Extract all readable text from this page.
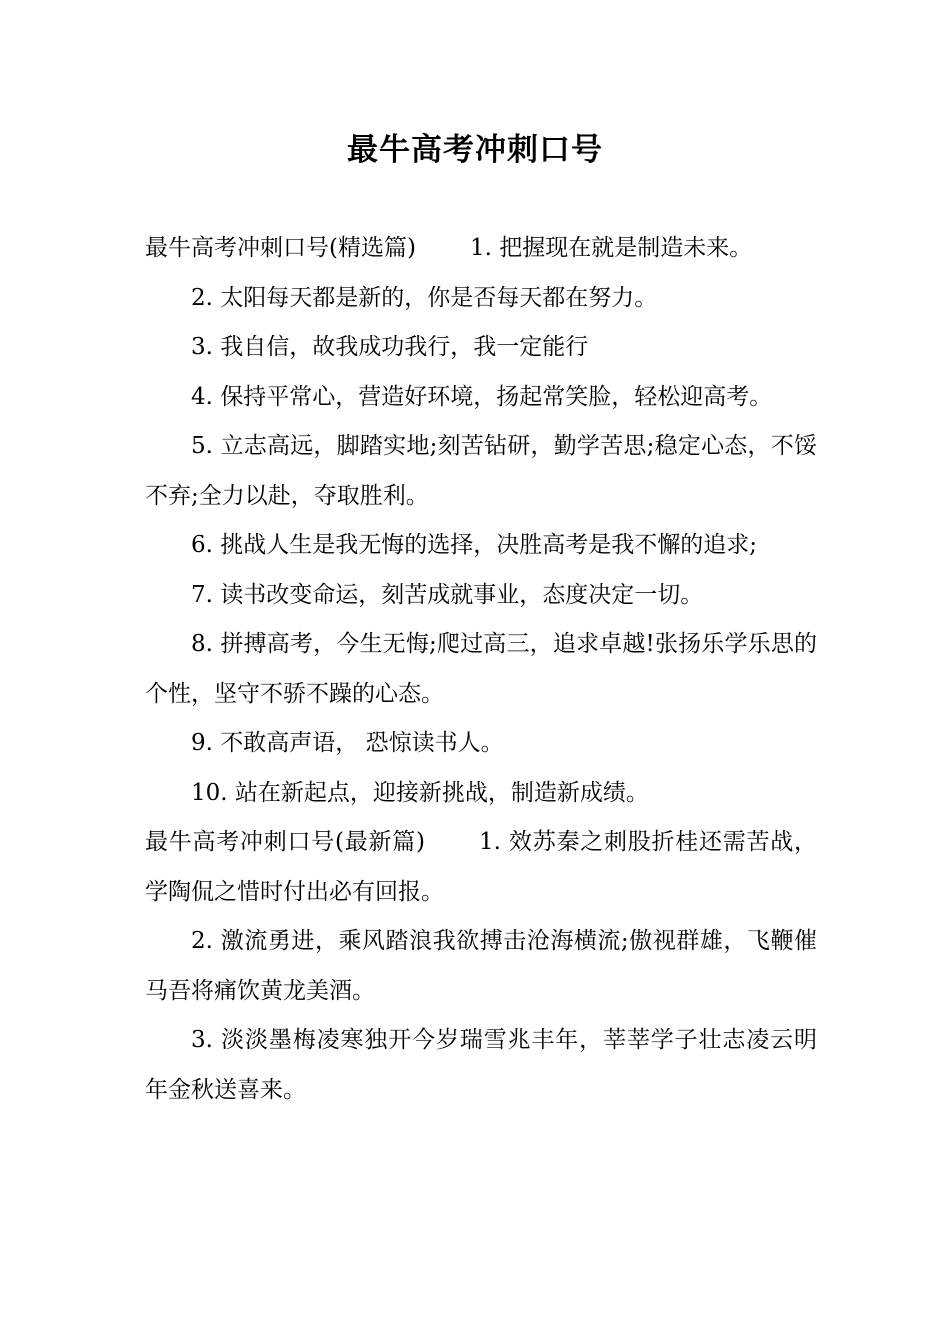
最牛高考冲刺口号

最牛高考冲刺口号(精选篇) 1. 把握现在就是制造未来。

2. 太阳每天都是新的，你是否每天都在努力。

3. 我自信，故我成功我行，我一定能行

4. 保持平常心，营造好环境，扬起常笑脸，轻松迎高考。

5. 立志高远，脚踏实地;刻苦钻研，勤学苦思;稳定心态，不馁不弃;全力以赴，夺取胜利。

6. 挑战人生是我无悔的选择，决胜高考是我不懈的追求;

7. 读书改变命运，刻苦成就事业，态度决定一切。

8. 拼搏高考，今生无悔;爬过高三，追求卓越!张扬乐学乐思的个性，坚守不骄不躁的心态。

9. 不敢高声语， 恐惊读书人。

10. 站在新起点，迎接新挑战，制造新成绩。

最牛高考冲刺口号(最新篇) 1. 效苏秦之刺股折桂还需苦战，学陶侃之惜时付出必有回报。

2. 激流勇进，乘风踏浪我欲搏击沧海横流;傲视群雄，飞鞭催马吾将痛饮黄龙美酒。

3. 淡淡墨梅凌寒独开今岁瑞雪兆丰年，莘莘学子壮志凌云明年金秋送喜来。
